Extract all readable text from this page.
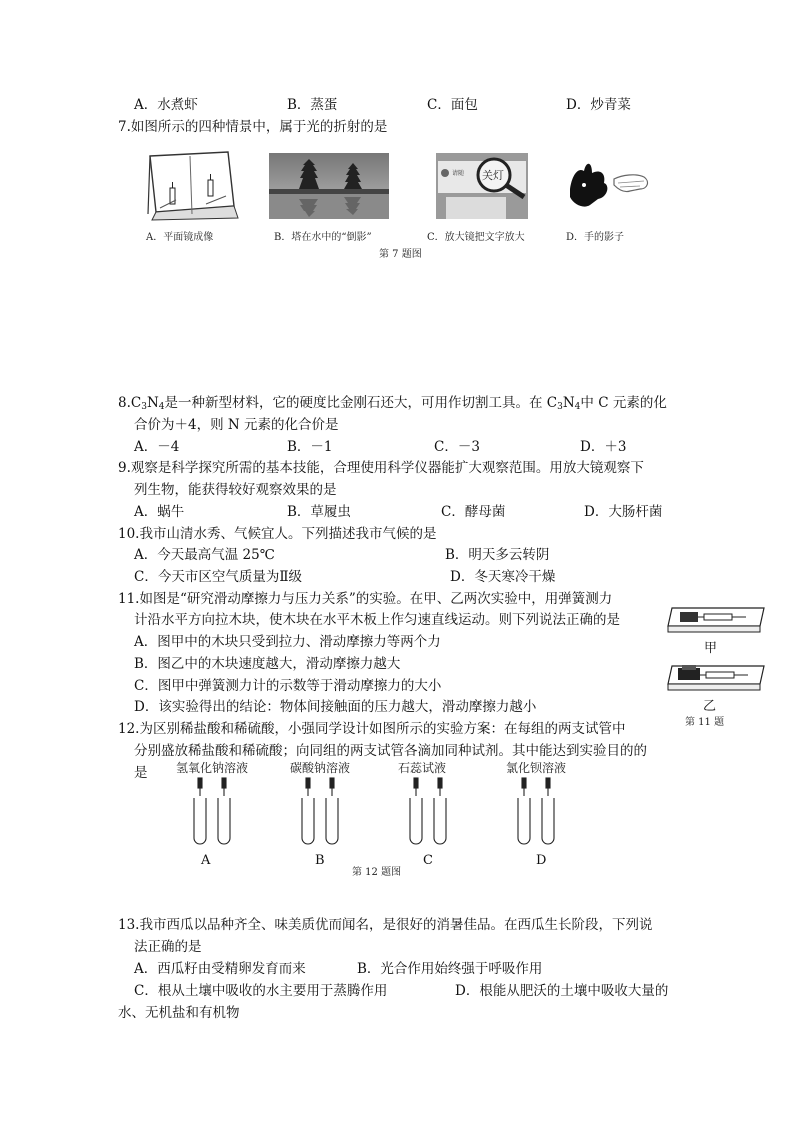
A．水煮虾	B．蒸蛋	C．面包	D．炒青菜
7.如图所示的四种情景中，属于光的折射的是
请随 关灯
A．平面镜成像	B．塔在水中的“倒影”	C．放大镜把文字放大	D．手的影子
第 7 题图
$8.C_3N_4$是一种新型材料，它的硬度比金刚石还大，可用作切割工具。在 $C_3N_4$中 C 元素的化
合价为＋4，则 N 元素的化合价是
A．－4	B．－1	C．－3	D．＋3
9.观察是科学探究所需的基本技能，合理使用科学仪器能扩大观察范围。用放大镜观察下
列生物，能获得较好观察效果的是
A．蜗牛	B．草履虫	C．酵母菌	D．大肠杆菌
10.我市山清水秀、气候宜人。下列描述我市气候的是
A．今天最高气温 25℃	B．明天多云转阴
C．今天市区空气质量为Ⅱ级	D．冬天寒冷干燥
11.如图是“研究滑动摩擦力与压力关系”的实验。在甲、乙两次实验中，用弹簧测力
计沿水平方向拉木块，使木块在水平木板上作匀速直线运动。则下列说法正确的是
A．图甲中的木块只受到拉力、滑动摩擦力等两个力
B．图乙中的木块速度越大，滑动摩擦力越大
C．图甲中弹簧测力计的示数等于滑动摩擦力的大小
D．该实验得出的结论：物体间接触面的压力越大，滑动摩擦力越小
甲
乙
第 11 题
12.为区别稀盐酸和稀硫酸，小强同学设计如图所示的实验方案：在每组的两支试管中
分别盛放稀盐酸和稀硫酸；向同组的两支试管各滴加同种试剂。其中能达到实验目的的
是 氢氧化钠溶液	碳酸钠溶液	石蕊试液	氯化钡溶液
A	B	C	D
第 12 题图
13.我市西瓜以品种齐全、味美质优而闻名，是很好的消暑佳品。在西瓜生长阶段，下列说
法正确的是
A．西瓜籽由受精卵发育而来	B．光合作用始终强于呼吸作用
C．根从土壤中吸收的水主要用于蒸腾作用	D．根能从肥沃的土壤中吸收大量的
水、无机盐和有机物
